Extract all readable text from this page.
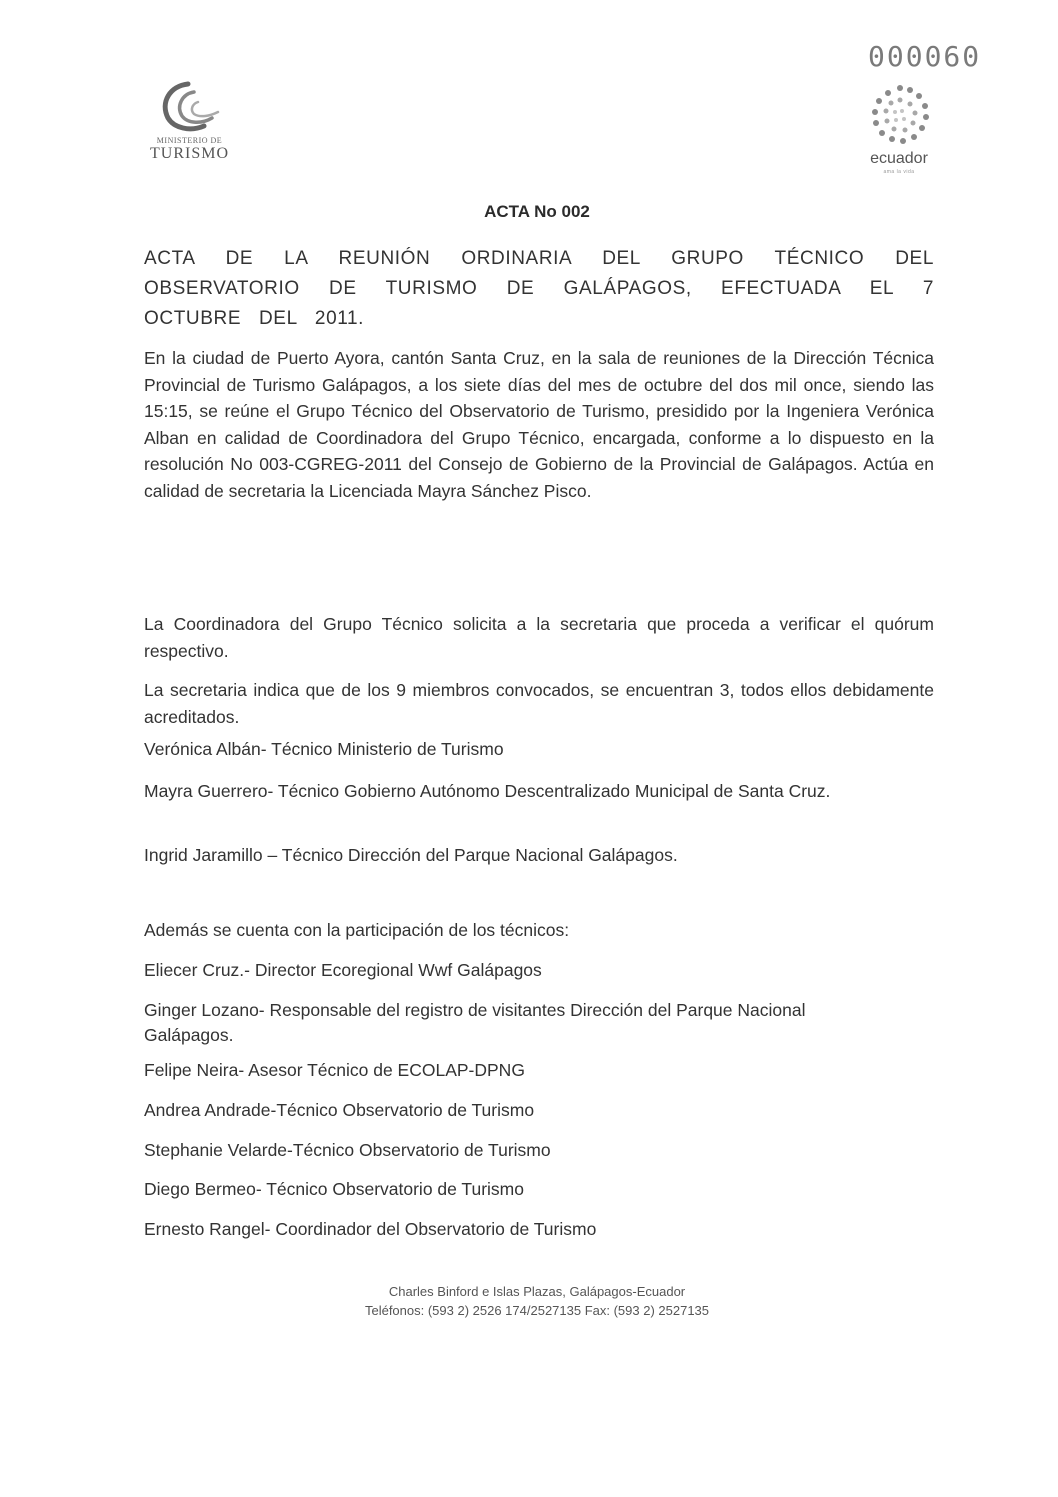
000060
MINISTERIO DE
TURISMO	ecuador
ama la vida
ACTA No 002
ACTA DE LA REUNIÓN ORDINARIA DEL GRUPO TÉCNICO DEL OBSERVATORIO DE TURISMO DE GALÁPAGOS, EFECTUADA EL 7 OCTUBRE DEL 2011.
En la ciudad de Puerto Ayora, cantón Santa Cruz, en la sala de reuniones de la Dirección Técnica Provincial de Turismo Galápagos, a los siete días del mes de octubre del dos mil once, siendo las 15:15, se reúne el Grupo Técnico del Observatorio de Turismo, presidido por la Ingeniera Verónica Alban en calidad de Coordinadora del Grupo Técnico, encargada, conforme a lo dispuesto en la resolución No 003-CGREG-2011 del Consejo de Gobierno de la Provincial de Galápagos. Actúa en calidad de secretaria la Licenciada Mayra Sánchez Pisco.
La Coordinadora del Grupo Técnico solicita a la secretaria que proceda a verificar el quórum respectivo.
La secretaria indica que de los 9 miembros convocados, se encuentran 3, todos ellos debidamente acreditados.
Verónica Albán- Técnico Ministerio de Turismo
Mayra Guerrero- Técnico Gobierno Autónomo Descentralizado Municipal de Santa Cruz.
Ingrid Jaramillo – Técnico Dirección del Parque Nacional Galápagos.
Además se cuenta con la participación de los técnicos:
Eliecer Cruz.- Director Ecoregional Wwf Galápagos
Ginger Lozano- Responsable del registro de visitantes Dirección del Parque Nacional Galápagos.
Felipe Neira- Asesor Técnico de ECOLAP-DPNG
Andrea Andrade-Técnico Observatorio de Turismo
Stephanie Velarde-Técnico Observatorio de Turismo
Diego Bermeo- Técnico Observatorio de Turismo
Ernesto Rangel- Coordinador del Observatorio de Turismo
Charles Binford e Islas Plazas, Galápagos-Ecuador
Teléfonos: (593 2) 2526 174/2527135 Fax: (593 2) 2527135
